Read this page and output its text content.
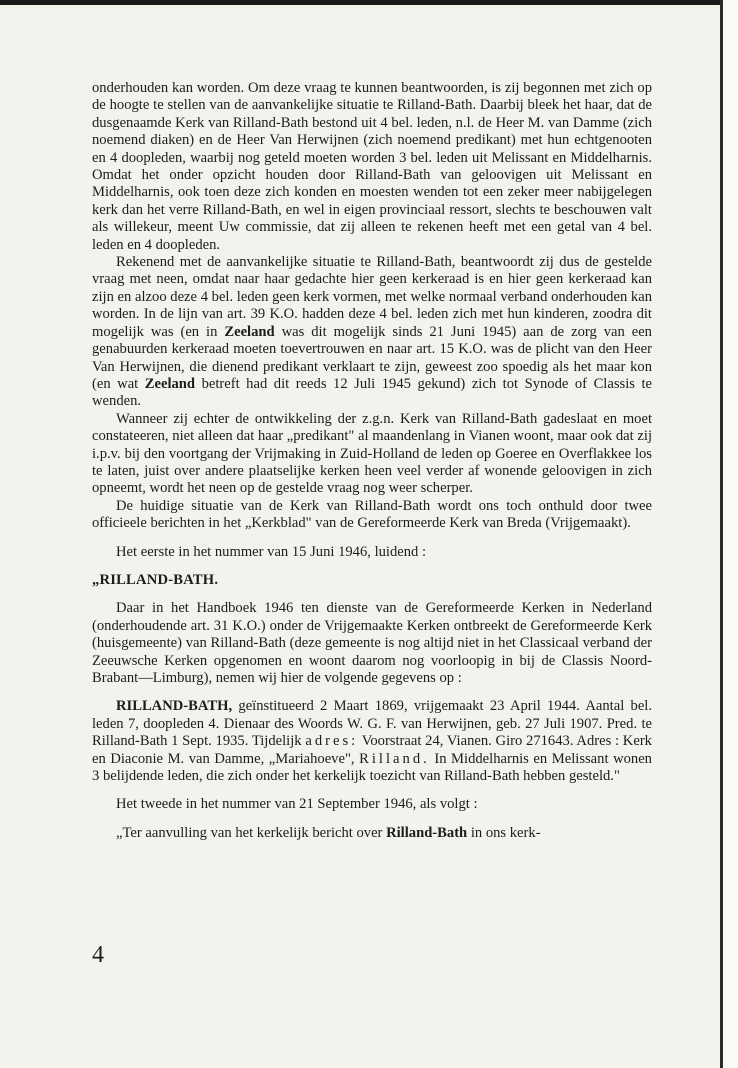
onderhouden kan worden. Om deze vraag te kunnen beantwoorden, is zij begonnen met zich op de hoogte te stellen van de aanvankelijke situatie te Rilland-Bath. Daarbij bleek het haar, dat de dusgenaamde Kerk van Rilland-Bath bestond uit 4 bel. leden, n.l. de Heer M. van Damme (zich noemend diaken) en de Heer Van Herwijnen (zich noemend predikant) met hun echtgenooten en 4 doopleden, waarbij nog geteld moeten worden 3 bel. leden uit Melissant en Middelharnis. Omdat het onder opzicht houden door Rilland-Bath van geloovigen uit Melissant en Middelharnis, ook toen deze zich konden en moesten wenden tot een zeker meer nabijgelegen kerk dan het verre Rilland-Bath, en wel in eigen provinciaal ressort, slechts te beschouwen valt als willekeur, meent Uw commissie, dat zij alleen te rekenen heeft met een getal van 4 bel. leden en 4 doopleden.

Rekenend met de aanvankelijke situatie te Rilland-Bath, beantwoordt zij dus de gestelde vraag met neen, omdat naar haar gedachte hier geen kerkeraad is en hier geen kerkeraad kan zijn en alzoo deze 4 bel. leden geen kerk vormen, met welke normaal verband onderhouden kan worden. In de lijn van art. 39 K.O. hadden deze 4 bel. leden zich met hun kinderen, zoodra dit mogelijk was (en in Zeeland was dit mogelijk sinds 21 Juni 1945) aan de zorg van een genabuurden kerkeraad moeten toevertrouwen en naar art. 15 K.O. was de plicht van den Heer Van Herwijnen, die dienend predikant verklaart te zijn, geweest zoo spoedig als het maar kon (en wat Zeeland betreft had dit reeds 12 Juli 1945 gekund) zich tot Synode of Classis te wenden.

Wanneer zij echter de ontwikkeling der z.g.n. Kerk van Rilland-Bath gadeslaat en moet constateeren, niet alleen dat haar „predikant" al maandenlang in Vianen woont, maar ook dat zij i.p.v. bij den voortgang der Vrijmaking in Zuid-Holland de leden op Goeree en Overflakkee los te laten, juist over andere plaatselijke kerken heen veel verder af wonende geloovigen in zich opneemt, wordt het neen op de gestelde vraag nog weer scherper.

De huidige situatie van de Kerk van Rilland-Bath wordt ons toch onthuld door twee officieele berichten in het „Kerkblad" van de Gereformeerde Kerk van Breda (Vrijgemaakt).

Het eerste in het nummer van 15 Juni 1946, luidend :

„RILLAND-BATH.

Daar in het Handboek 1946 ten dienste van de Gereformeerde Kerken in Nederland (onderhoudende art. 31 K.O.) onder de Vrijgemaakte Kerken ontbreekt de Gereformeerde Kerk (huisgemeente) van Rilland-Bath (deze gemeente is nog altijd niet in het Classicaal verband der Zeeuwsche Kerken opgenomen en woont daarom nog voorloopig in bij de Classis Noord-Brabant—Limburg), nemen wij hier de volgende gegevens op :

RILLAND-BATH, geïnstitueerd 2 Maart 1869, vrijgemaakt 23 April 1944. Aantal bel. leden 7, doopleden 4. Dienaar des Woords W. G. F. van Herwijnen, geb. 27 Juli 1907. Pred. te Rilland-Bath 1 Sept. 1935. Tijdelijk adres: Voorstraat 24, Vianen. Giro 271643. Adres : Kerk en Diaconie M. van Damme, „Mariahoeve", Rilland. In Middelharnis en Melissant wonen 3 belijdende leden, die zich onder het kerkelijk toezicht van Rilland-Bath hebben gesteld."

Het tweede in het nummer van 21 September 1946, als volgt :

„Ter aanvulling van het kerkelijk bericht over Rilland-Bath in ons kerk-

4
